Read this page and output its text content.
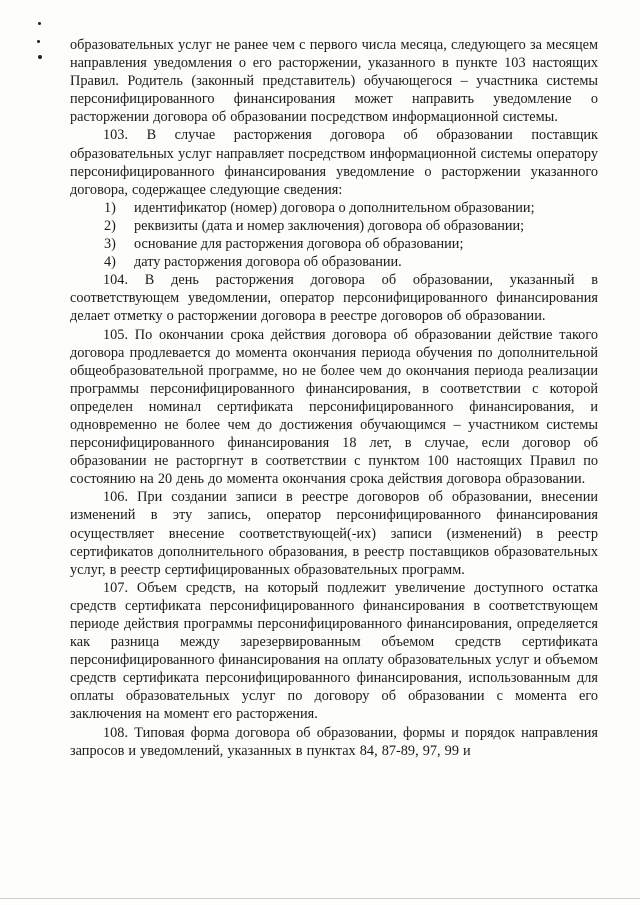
образовательных услуг не ранее чем с первого числа месяца, следующего за месяцем направления уведомления о его расторжении, указанного в пункте 103 настоящих Правил. Родитель (законный представитель) обучающегося – участника системы персонифицированного финансирования может направить уведомление о расторжении договора об образовании посредством информационной системы.

103. В случае расторжения договора об образовании поставщик образовательных услуг направляет посредством информационной системы оператору персонифицированного финансирования уведомление о расторжении указанного договора, содержащее следующие сведения:

1)	идентификатор (номер) договора о дополнительном образовании;
2)	реквизиты (дата и номер заключения) договора об образовании;
3)	основание для расторжения договора об образовании;
4)	дату расторжения договора об образовании.

104. В день расторжения договора об образовании, указанный в соответствующем уведомлении, оператор персонифицированного финансирования делает отметку о расторжении договора в реестре договоров об образовании.

105. По окончании срока действия договора об образовании действие такого договора продлевается до момента окончания периода обучения по дополнительной общеобразовательной программе, но не более чем до окончания периода реализации программы персонифицированного финансирования, в соответствии с которой определен номинал сертификата персонифицированного финансирования, и одновременно не более чем до достижения обучающимся – участником системы персонифицированного финансирования 18 лет, в случае, если договор об образовании не расторгнут в соответствии с пунктом 100 настоящих Правил по состоянию на 20 день до момента окончания срока действия договора образовании.

106. При создании записи в реестре договоров об образовании, внесении изменений в эту запись, оператор персонифицированного финансирования осуществляет внесение соответствующей(-их) записи (изменений) в реестр сертификатов дополнительного образования, в реестр поставщиков образовательных услуг, в реестр сертифицированных образовательных программ.

107. Объем средств, на который подлежит увеличение доступного остатка средств сертификата персонифицированного финансирования в соответствующем периоде действия программы персонифицированного финансирования, определяется как разница между зарезервированным объемом средств сертификата персонифицированного финансирования на оплату образовательных услуг и объемом средств сертификата персонифицированного финансирования, использованным для оплаты образовательных услуг по договору об образовании с момента его заключения на момент его расторжения.

108. Типовая форма договора об образовании, формы и порядок направления запросов и уведомлений, указанных в пунктах 84, 87-89, 97, 99 и
